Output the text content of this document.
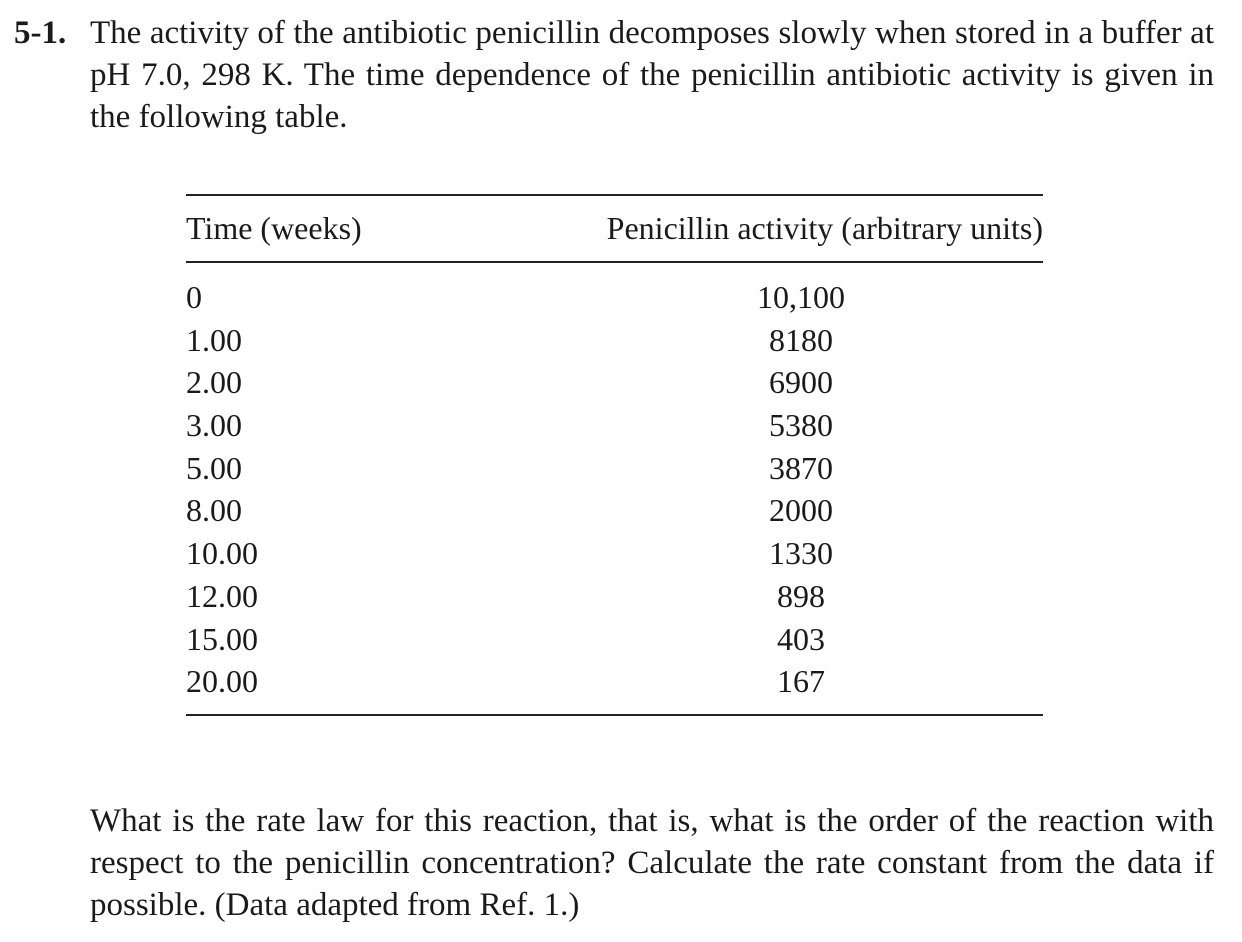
5-1. The activity of the antibiotic penicillin decomposes slowly when stored in a buffer at pH 7.0, 298 K. The time dependence of the penicillin antibiotic activity is given in the following table.
Time (weeks)	Penicillin activity (arbitrary units)
0	10,100
1.00	8180
2.00	6900
3.00	5380
5.00	3870
8.00	2000
10.00	1330
12.00	898
15.00	403
20.00	167
What is the rate law for this reaction, that is, what is the order of the reaction with respect to the penicillin concentration? Calculate the rate constant from the data if possible. (Data adapted from Ref. 1.)
